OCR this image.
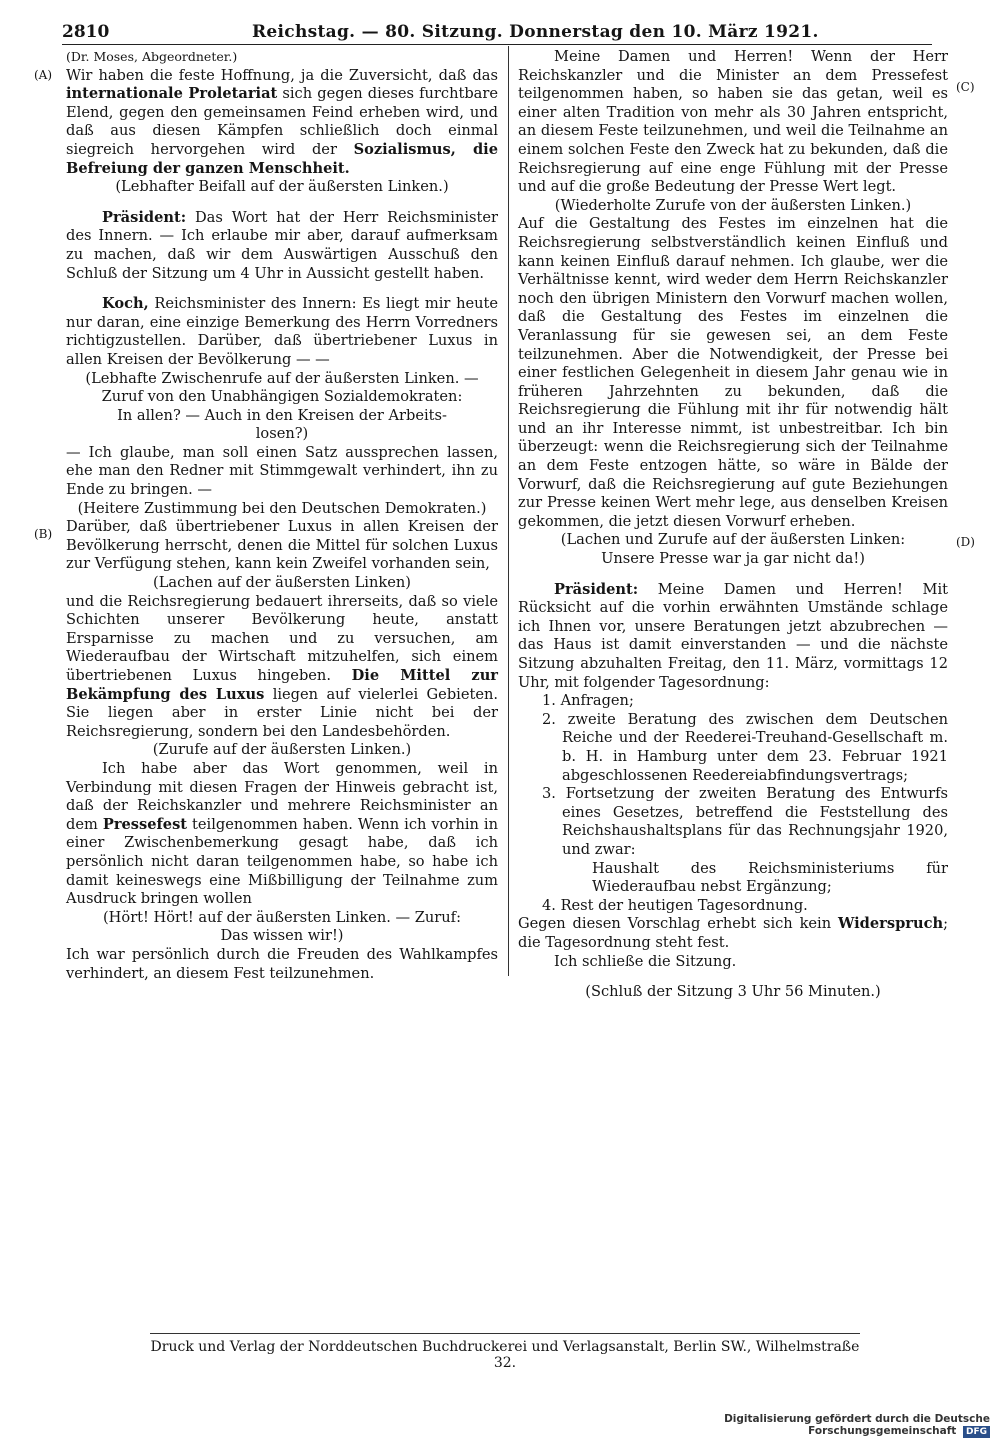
2810	Reichstag. — 80. Sitzung. Donnerstag den 10. März 1921.
(A)
(B)
(C)
(D)

(Dr. Moses, Abgeordneter.)

Wir haben die feste Hoffnung, ja die Zuversicht, daß das internationale Proletariat sich gegen dieses furchtbare Elend, gegen den gemeinsamen Feind erheben wird, und daß aus diesen Kämpfen schließlich doch einmal siegreich hervorgehen wird der Sozialismus, die Befreiung der ganzen Menschheit.

(Lebhafter Beifall auf der äußersten Linken.)

Präsident: Das Wort hat der Herr Reichsminister des Innern. — Ich erlaube mir aber, darauf aufmerksam zu machen, daß wir dem Auswärtigen Ausschuß den Schluß der Sitzung um 4 Uhr in Aussicht gestellt haben.

Koch, Reichsminister des Innern: Es liegt mir heute nur daran, eine einzige Bemerkung des Herrn Vorredners richtigzustellen. Darüber, daß übertriebener Luxus in allen Kreisen der Bevölkerung — —

(Lebhafte Zwischenrufe auf der äußersten Linken. —

Zuruf von den Unabhängigen Sozialdemokraten:

In allen? — Auch in den Kreisen der Arbeits-

losen?)

— Ich glaube, man soll einen Satz aussprechen lassen, ehe man den Redner mit Stimmgewalt verhindert, ihn zu Ende zu bringen. —

(Heitere Zustimmung bei den Deutschen Demokraten.)

Darüber, daß übertriebener Luxus in allen Kreisen der Bevölkerung herrscht, denen die Mittel für solchen Luxus zur Verfügung stehen, kann kein Zweifel vorhanden sein,

(Lachen auf der äußersten Linken)

und die Reichsregierung bedauert ihrerseits, daß so viele Schichten unserer Bevölkerung heute, anstatt Ersparnisse zu machen und zu versuchen, am Wiederaufbau der Wirtschaft mitzuhelfen, sich einem übertriebenen Luxus hingeben. Die Mittel zur Bekämpfung des Luxus liegen auf vielerlei Gebieten. Sie liegen aber in erster Linie nicht bei der Reichsregierung, sondern bei den Landesbehörden.

(Zurufe auf der äußersten Linken.)

Ich habe aber das Wort genommen, weil in Verbindung mit diesen Fragen der Hinweis gebracht ist, daß der Reichskanzler und mehrere Reichsminister an dem Pressefest teilgenommen haben. Wenn ich vorhin in einer Zwischenbemerkung gesagt habe, daß ich persönlich nicht daran teilgenommen habe, so habe ich damit keineswegs eine Mißbilligung der Teilnahme zum Ausdruck bringen wollen

(Hört! Hört! auf der äußersten Linken. — Zuruf:

Das wissen wir!)

Ich war persönlich durch die Freuden des Wahlkampfes verhindert, an diesem Fest teilzunehmen.

Meine Damen und Herren! Wenn der Herr Reichskanzler und die Minister an dem Pressefest teilgenommen haben, so haben sie das getan, weil es einer alten Tradition von mehr als 30 Jahren entspricht, an diesem Feste teilzunehmen, und weil die Teilnahme an einem solchen Feste den Zweck hat zu bekunden, daß die Reichsregierung auf eine enge Fühlung mit der Presse und auf die große Bedeutung der Presse Wert legt.

(Wiederholte Zurufe von der äußersten Linken.)

Auf die Gestaltung des Festes im einzelnen hat die Reichsregierung selbstverständlich keinen Einfluß und kann keinen Einfluß darauf nehmen. Ich glaube, wer die Verhältnisse kennt, wird weder dem Herrn Reichskanzler noch den übrigen Ministern den Vorwurf machen wollen, daß die Gestaltung des Festes im einzelnen die Veranlassung für sie gewesen sei, an dem Feste teilzunehmen. Aber die Notwendigkeit, der Presse bei einer festlichen Gelegenheit in diesem Jahr genau wie in früheren Jahrzehnten zu bekunden, daß die Reichsregierung die Fühlung mit ihr für notwendig hält und an ihr Interesse nimmt, ist unbestreitbar. Ich bin überzeugt: wenn die Reichsregierung sich der Teilnahme an dem Feste entzogen hätte, so wäre in Bälde der Vorwurf, daß die Reichsregierung auf gute Beziehungen zur Presse keinen Wert mehr lege, aus denselben Kreisen gekommen, die jetzt diesen Vorwurf erheben.

(Lachen und Zurufe auf der äußersten Linken:

Unsere Presse war ja gar nicht da!)

Präsident: Meine Damen und Herren! Mit Rücksicht auf die vorhin erwähnten Umstände schlage ich Ihnen vor, unsere Beratungen jetzt abzubrechen — das Haus ist damit einverstanden — und die nächste Sitzung abzuhalten Freitag, den 11. März, vormittags 12 Uhr, mit folgender Tagesordnung:

1. Anfragen;

2. zweite Beratung des zwischen dem Deutschen Reiche und der Reederei-Treuhand-Gesellschaft m. b. H. in Hamburg unter dem 23. Februar 1921 abgeschlossenen Reedereiabfindungsvertrags;

3. Fortsetzung der zweiten Beratung des Entwurfs eines Gesetzes, betreffend die Feststellung des Reichshaushaltsplans für das Rechnungsjahr 1920, und zwar:

Haushalt des Reichsministeriums für Wiederaufbau nebst Ergänzung;

4. Rest der heutigen Tagesordnung.

Gegen diesen Vorschlag erhebt sich kein Widerspruch; die Tagesordnung steht fest.

Ich schließe die Sitzung.

(Schluß der Sitzung 3 Uhr 56 Minuten.)

Druck und Verlag der Norddeutschen Buchdruckerei und Verlagsanstalt, Berlin SW., Wilhelmstraße 32.
Digitalisierung gefördert durch die Deutsche Forschungsgemeinschaft DFG
